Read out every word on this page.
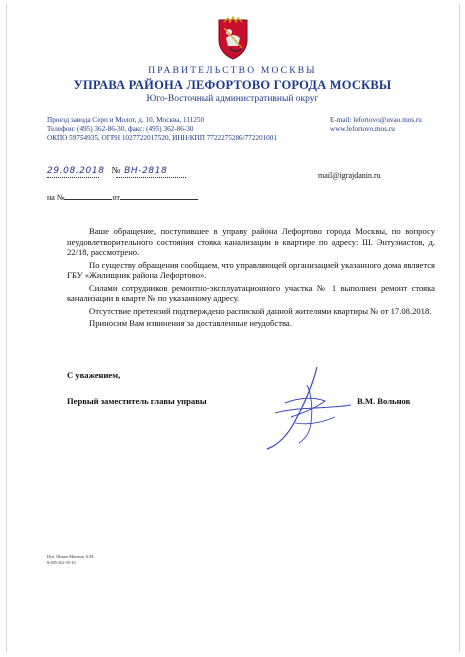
ПРАВИТЕЛЬСТВО МОСКВЫ
УПРАВА РАЙОНА ЛЕФОРТОВО ГОРОДА МОСКВЫ
Юго-Восточный административный округ
Проезд завода Серп и Молот, д. 10, Москва, 111250
Телефон: (495) 362-86-30, факс: (495) 362-86-30
ОКПО 59754935, ОГРН 1027722017520, ИНН/КПП 7722275286/772201001
E-mail: lefortovo@uvao.mos.ru
www.lefortovo.mos.ru
29.08.2018 № ВН-2818	mail@igrajdanin.ru
на №	от

Ваше обращение, поступившее в управу района Лефортово города Москвы, по вопросу неудовлетворительного состояния стояка канализации в квартире по адресу: Ш. Энтузиастов, д. 22/18, рассмотрено.

По существу обращения сообщаем, что управляющей организацией указанного дома является ГБУ «Жилищник района Лефортово».

Силами сотрудников ремонтно-эксплуатационного участка № 1 выполнен ремонт стояка канализации в кварте № по указанному адресу.

Отсутствие претензий подтверждено распиской данной жителями квартиры № от 17.08.2018.

Приносим Вам извинения за доставленные неудобства.

С уважением,
Первый заместитель главы управы	В.М. Вольнов
Исп. Шишо-Мисюль А.М.
8-495-362-59-10
